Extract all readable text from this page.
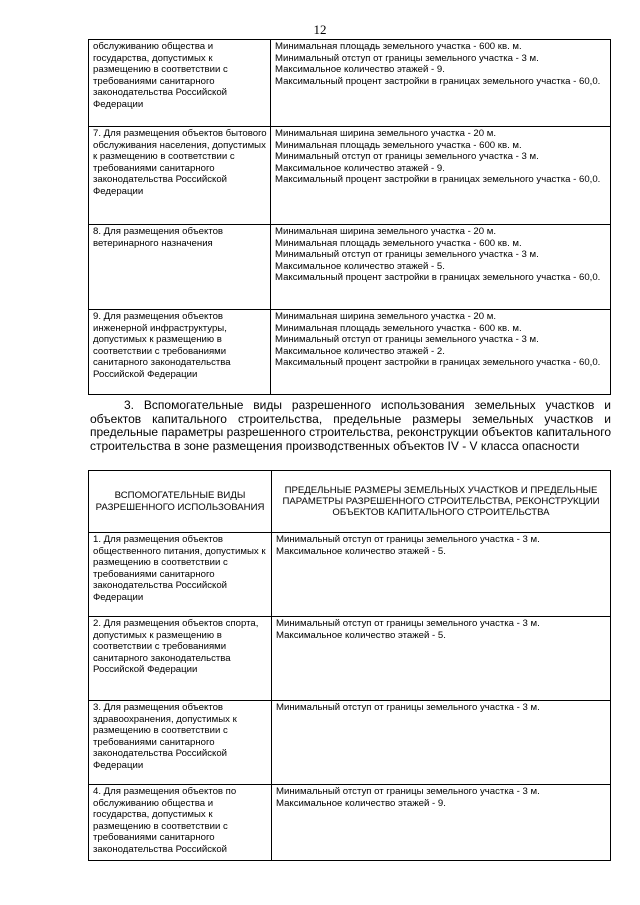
12
обслуживанию общества и государства, допустимых к размещению в соответствии с требованиями санитарного законодательства Российской Федерации	Минимальная площадь земельного участка - 600 кв. м.
Минимальный отступ от границы земельного участка - 3 м.
Максимальное количество этажей - 9.
Максимальный процент застройки в границах земельного участка - 60,0.

7. Для размещения объектов бытового обслуживания населения, допустимых к размещению в соответствии с требованиями санитарного законодательства Российской Федерации	Минимальная ширина земельного участка - 20 м.
Минимальная площадь земельного участка - 600 кв. м.
Минимальный отступ от границы земельного участка - 3 м.
Максимальное количество этажей - 9.
Максимальный процент застройки в границах земельного участка - 60,0.

8. Для размещения объектов ветеринарного назначения	Минимальная ширина земельного участка - 20 м.
Минимальная площадь земельного участка - 600 кв. м.
Минимальный отступ от границы земельного участка - 3 м.
Максимальное количество этажей - 5.
Максимальный процент застройки в границах земельного участка - 60,0.

9. Для размещения объектов инженерной инфраструктуры, допустимых к размещению в соответствии с требованиями санитарного законодательства Российской Федерации	Минимальная ширина земельного участка - 20 м.
Минимальная площадь земельного участка - 600 кв. м.
Минимальный отступ от границы земельного участка - 3 м.
Максимальное количество этажей - 2.
Максимальный процент застройки в границах земельного участка - 60,0.
3. Вспомогательные виды разрешенного использования земельных участков и объектов капитального строительства, предельные размеры земельных участков и предельные параметры разрешенного строительства, реконструкции объектов капитального строительства в зоне размещения производственных объектов IV - V класса опасности
ВСПОМОГАТЕЛЬНЫЕ ВИДЫ РАЗРЕШЕННОГО ИСПОЛЬЗОВАНИЯ	ПРЕДЕЛЬНЫЕ РАЗМЕРЫ ЗЕМЕЛЬНЫХ УЧАСТКОВ И ПРЕДЕЛЬНЫЕ ПАРАМЕТРЫ РАЗРЕШЕННОГО СТРОИТЕЛЬСТВА, РЕКОНСТРУКЦИИ ОБЪЕКТОВ КАПИТАЛЬНОГО СТРОИТЕЛЬСТВА
1. Для размещения объектов общественного питания, допустимых к размещению в соответствии с требованиями санитарного законодательства Российской Федерации	Минимальный отступ от границы земельного участка - 3 м.
Максимальное количество этажей - 5.

2. Для размещения объектов спорта, допустимых к размещению в соответствии с требованиями санитарного законодательства Российской Федерации	Минимальный отступ от границы земельного участка - 3 м.
Максимальное количество этажей - 5.

3. Для размещения объектов здравоохранения, допустимых к размещению в соответствии с требованиями санитарного законодательства Российской Федерации	Минимальный отступ от границы земельного участка - 3 м.

4. Для размещения объектов по обслуживанию общества и государства, допустимых к размещению в соответствии с требованиями санитарного законодательства Российской	Минимальный отступ от границы земельного участка - 3 м.
Максимальное количество этажей - 9.
